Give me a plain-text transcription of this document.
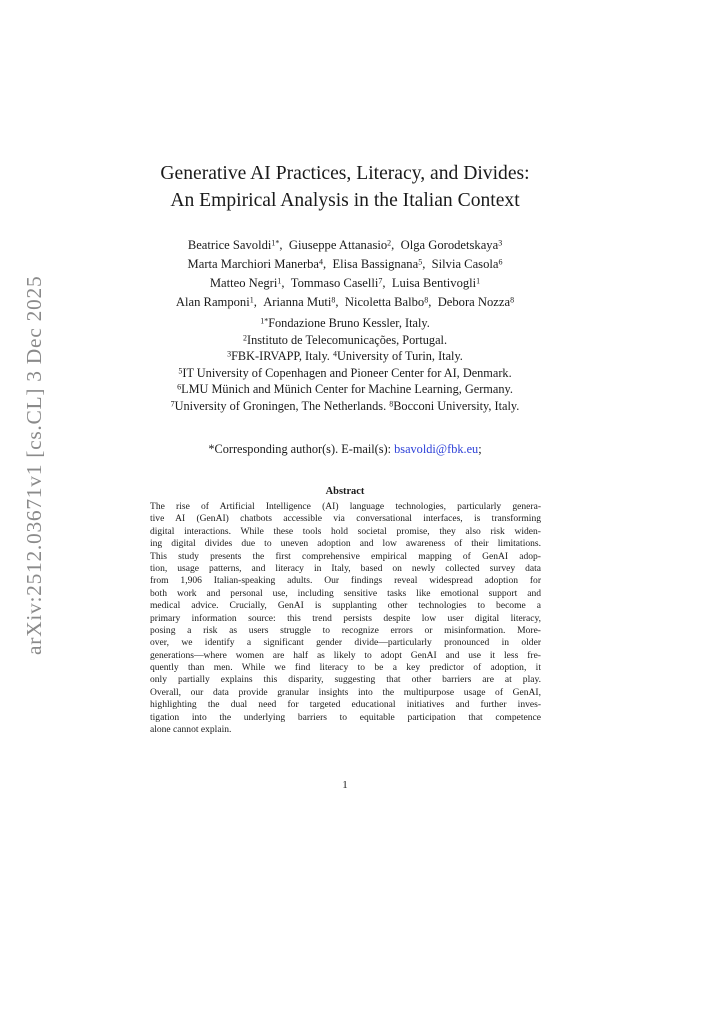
arXiv:2512.03671v1 [cs.CL] 3 Dec 2025
Generative AI Practices, Literacy, and Divides:
An Empirical Analysis in the Italian Context
Beatrice Savoldi$^{1*}$, Giuseppe Attanasio$^2$, Olga Gorodetskaya$^3$
Marta Marchiori Manerba$^4$, Elisa Bassignana$^5$, Silvia Casola$^6$
Matteo Negri$^1$, Tommaso Caselli$^7$, Luisa Bentivogli$^1$
Alan Ramponi$^1$, Arianna Muti$^8$, Nicoletta Balbo$^8$, Debora Nozza$^8$
$^{1*}$Fondazione Bruno Kessler, Italy.
$^2$Instituto de Telecomunicações, Portugal.
$^3$FBK-IRVAPP, Italy. $^4$University of Turin, Italy.
$^5$IT University of Copenhagen and Pioneer Center for AI, Denmark.
$^6$LMU Münich and Münich Center for Machine Learning, Germany.
$^7$University of Groningen, The Netherlands. $^8$Bocconi University, Italy.
*Corresponding author(s). E-mail(s): bsavoldi@fbk.eu;
Abstract
The rise of Artificial Intelligence (AI) language technologies, particularly genera-
tive AI (GenAI) chatbots accessible via conversational interfaces, is transforming
digital interactions. While these tools hold societal promise, they also risk widen-
ing digital divides due to uneven adoption and low awareness of their limitations.
This study presents the first comprehensive empirical mapping of GenAI adop-
tion, usage patterns, and literacy in Italy, based on newly collected survey data
from 1,906 Italian-speaking adults. Our findings reveal widespread adoption for
both work and personal use, including sensitive tasks like emotional support and
medical advice. Crucially, GenAI is supplanting other technologies to become a
primary information source: this trend persists despite low user digital literacy,
posing a risk as users struggle to recognize errors or misinformation. More-
over, we identify a significant gender divide—particularly pronounced in older
generations—where women are half as likely to adopt GenAI and use it less fre-
quently than men. While we find literacy to be a key predictor of adoption, it
only partially explains this disparity, suggesting that other barriers are at play.
Overall, our data provide granular insights into the multipurpose usage of GenAI,
highlighting the dual need for targeted educational initiatives and further inves-
tigation into the underlying barriers to equitable participation that competence
alone cannot explain.
1
